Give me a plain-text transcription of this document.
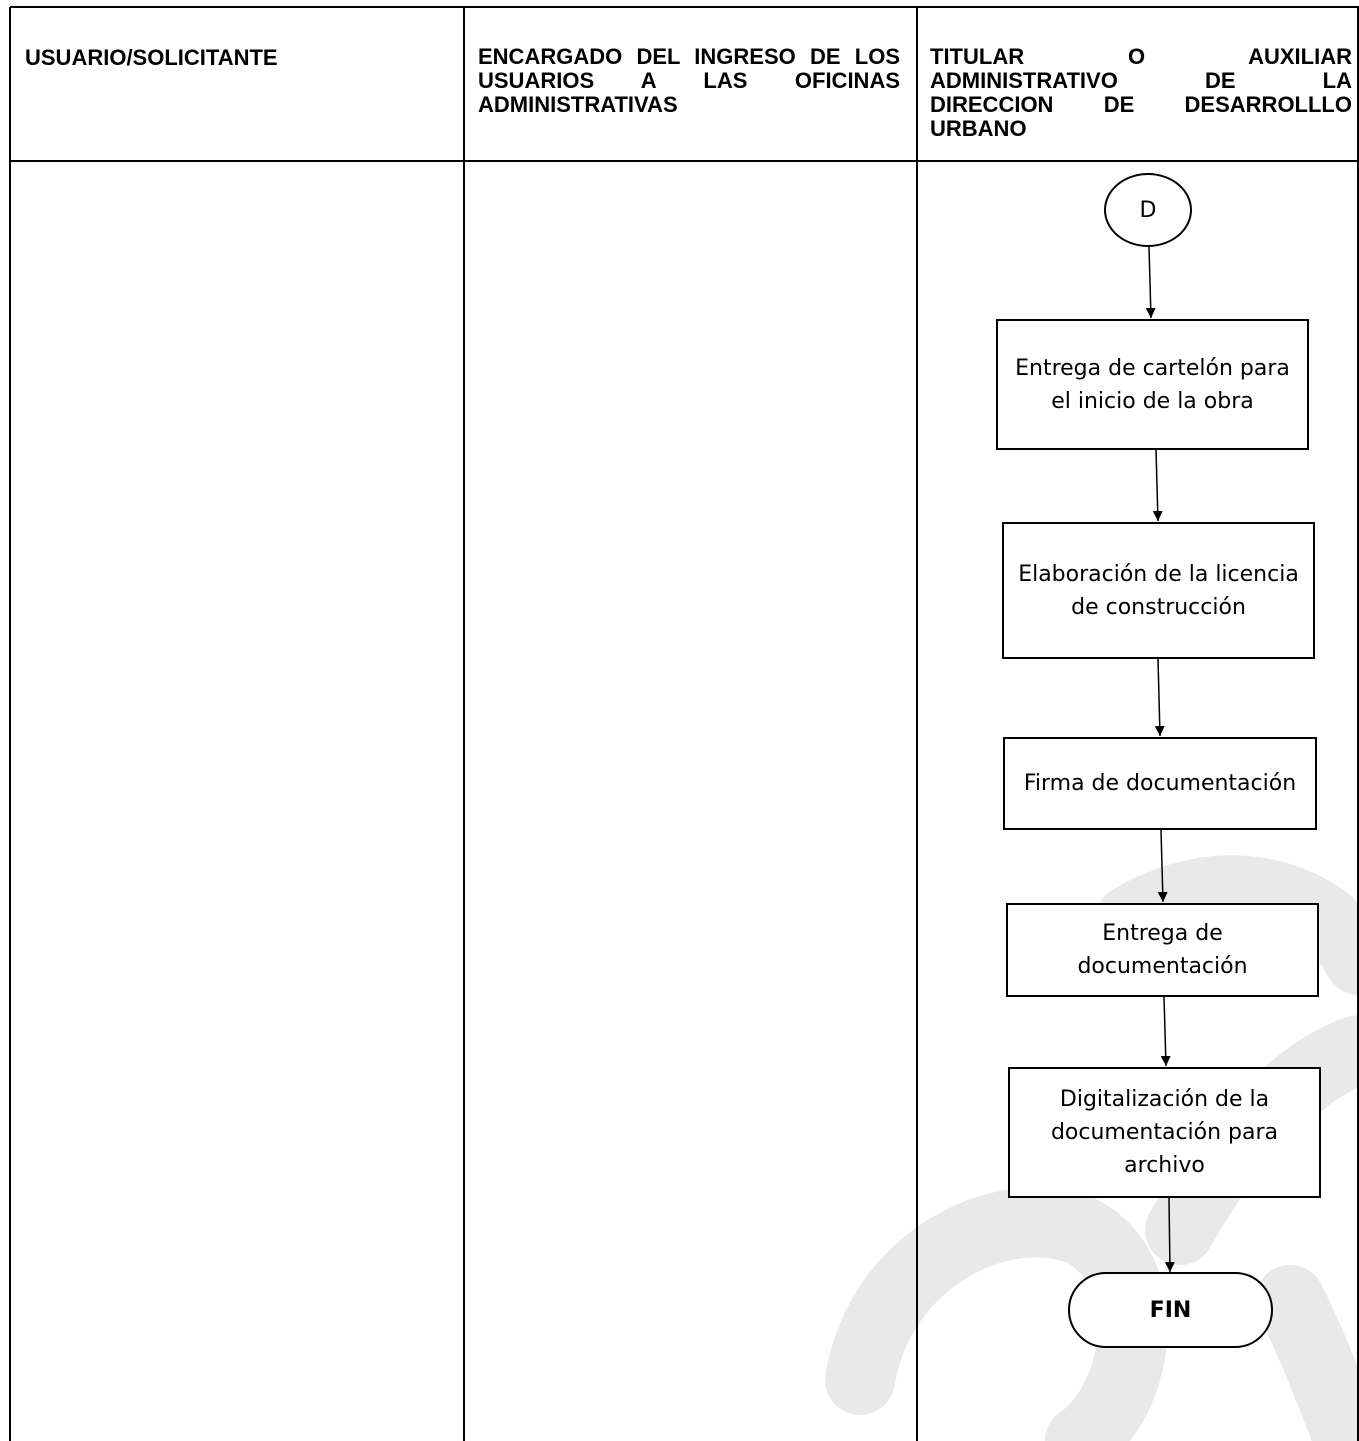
USUARIO/SOLICITANTE	ENCARGADO DEL INGRESO DE LOS USUARIOS A LAS OFICINAS ADMINISTRATIVAS
TITULAR O AUXILIAR
ADMINISTRATIVO DE LA
DIRECCION DE DESARROLLLO
URBANO
D
Entrega de cartelón para el inicio de la obra
Elaboración de la licencia de construcción
Firma de documentación
Entrega de documentación
Digitalización de la documentación para archivo
FIN
